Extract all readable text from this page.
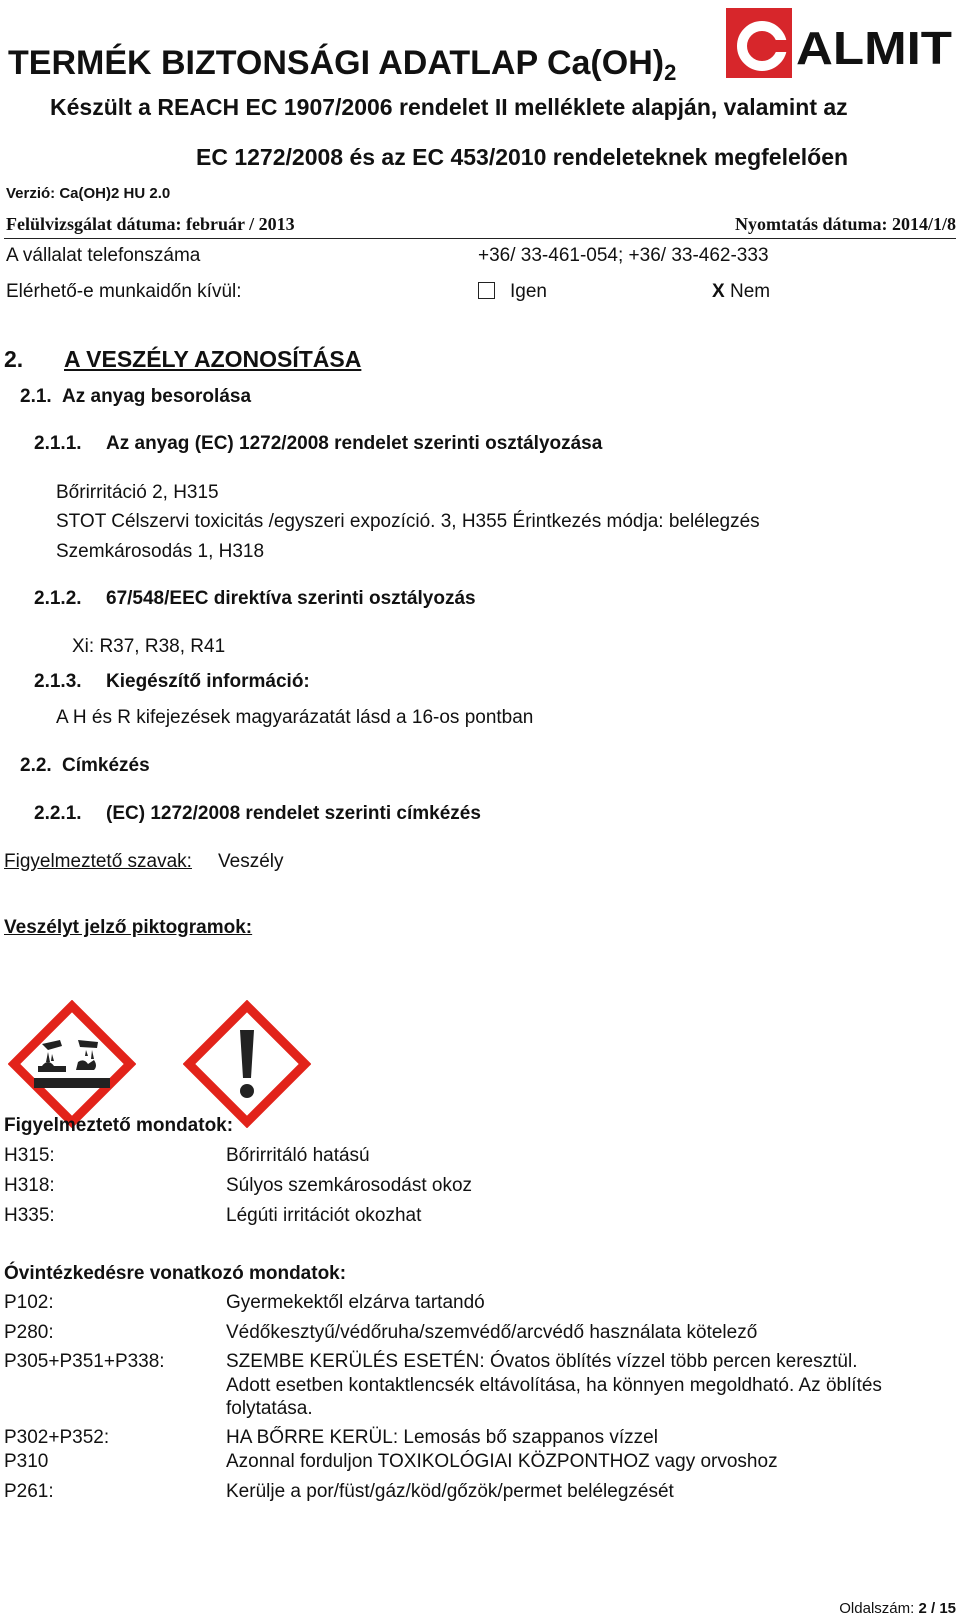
TERMÉK BIZTONSÁGI ADATLAP $Ca(OH)_2$
Készült a REACH EC 1907/2006 rendelet II melléklete alapján, valamint az
EC 1272/2008 és az EC 453/2010 rendeleteknek megfelelően
ALMIT
Verzió: Ca(OH)2 HU 2.0
Felülvizsgálat dátuma: február / 2013	Nyomtatás dátuma: 2014/1/8
A vállalat telefonszáma	+36/ 33-461-054; +36/ 33-462-333
Elérhető-e munkaidőn kívül:	Igen	X Nem
2. A VESZÉLY AZONOSÍTÁSA
2.1. Az anyag besorolása
2.1.1. Az anyag (EC) 1272/2008 rendelet szerinti osztályozása
Bőrirritáció 2, H315
STOT Célszervi toxicitás /egyszeri expozíció. 3, H355 Érintkezés módja: belélegzés
Szemkárosodás 1, H318
2.1.2. 67/548/EEC direktíva szerinti osztályozás
Xi: R37, R38, R41
2.1.3. Kiegészítő információ:
A H és R kifejezések magyarázatát lásd a 16-os pontban
2.2. Címkézés
2.2.1. (EC) 1272/2008 rendelet szerinti címkézés
Figyelmeztető szavak: Veszély
Veszélyt jelző piktogramok:
Figyelmeztető mondatok:
H315:	Bőrirritáló hatású
H318:	Súlyos szemkárosodást okoz
H335:	Légúti irritációt okozhat
Óvintézkedésre vonatkozó mondatok:
P102:	Gyermekektől elzárva tartandó
P280:	Védőkesztyű/védőruha/szemvédő/arcvédő használata kötelező
P305+P351+P338:	SZEMBE KERÜLÉS ESETÉN: Óvatos öblítés vízzel több percen keresztül.
Adott esetben kontaktlencsék eltávolítása, ha könnyen megoldható. Az öblítés
folytatása.
P302+P352:	HA BŐRRE KERÜL: Lemosás bő szappanos vízzel
P310	Azonnal forduljon TOXIKOLÓGIAI KÖZPONTHOZ vagy orvoshoz
P261:	Kerülje a por/füst/gáz/köd/gőzök/permet belélegzését
Oldalszám: 2 / 15
